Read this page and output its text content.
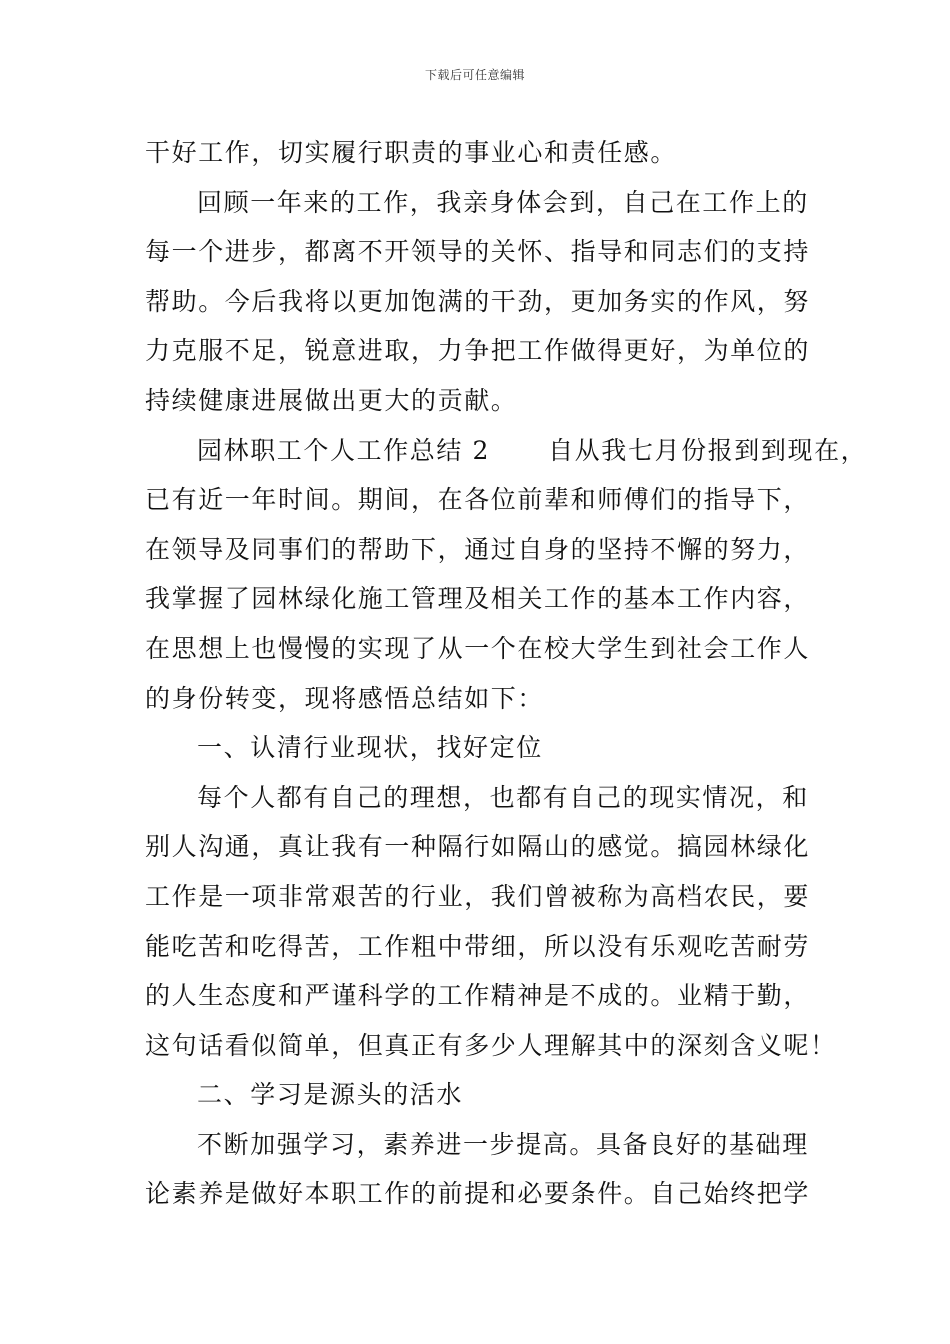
下载后可任意编辑
干好工作，切实履行职责的事业心和责任感。
回顾一年来的工作，我亲身体会到，自己在工作上的
每一个进步，都离不开领导的关怀、指导和同志们的支持
帮助。今后我将以更加饱满的干劲，更加务实的作风，努
力克服不足，锐意进取，力争把工作做得更好，为单位的
持续健康进展做出更大的贡献。
园林职工个人工作总结 2 自从我七月份报到到现在，
已有近一年时间。期间，在各位前辈和师傅们的指导下，
在领导及同事们的帮助下，通过自身的坚持不懈的努力，
我掌握了园林绿化施工管理及相关工作的基本工作内容，
在思想上也慢慢的实现了从一个在校大学生到社会工作人
的身份转变，现将感悟总结如下：
一、认清行业现状，找好定位
每个人都有自己的理想，也都有自己的现实情况，和
别人沟通，真让我有一种隔行如隔山的感觉。搞园林绿化
工作是一项非常艰苦的行业，我们曾被称为高档农民，要
能吃苦和吃得苦，工作粗中带细，所以没有乐观吃苦耐劳
的人生态度和严谨科学的工作精神是不成的。业精于勤，
这句话看似简单，但真正有多少人理解其中的深刻含义呢！
二、学习是源头的活水
不断加强学习，素养进一步提高。具备良好的基础理
论素养是做好本职工作的前提和必要条件。自己始终把学
